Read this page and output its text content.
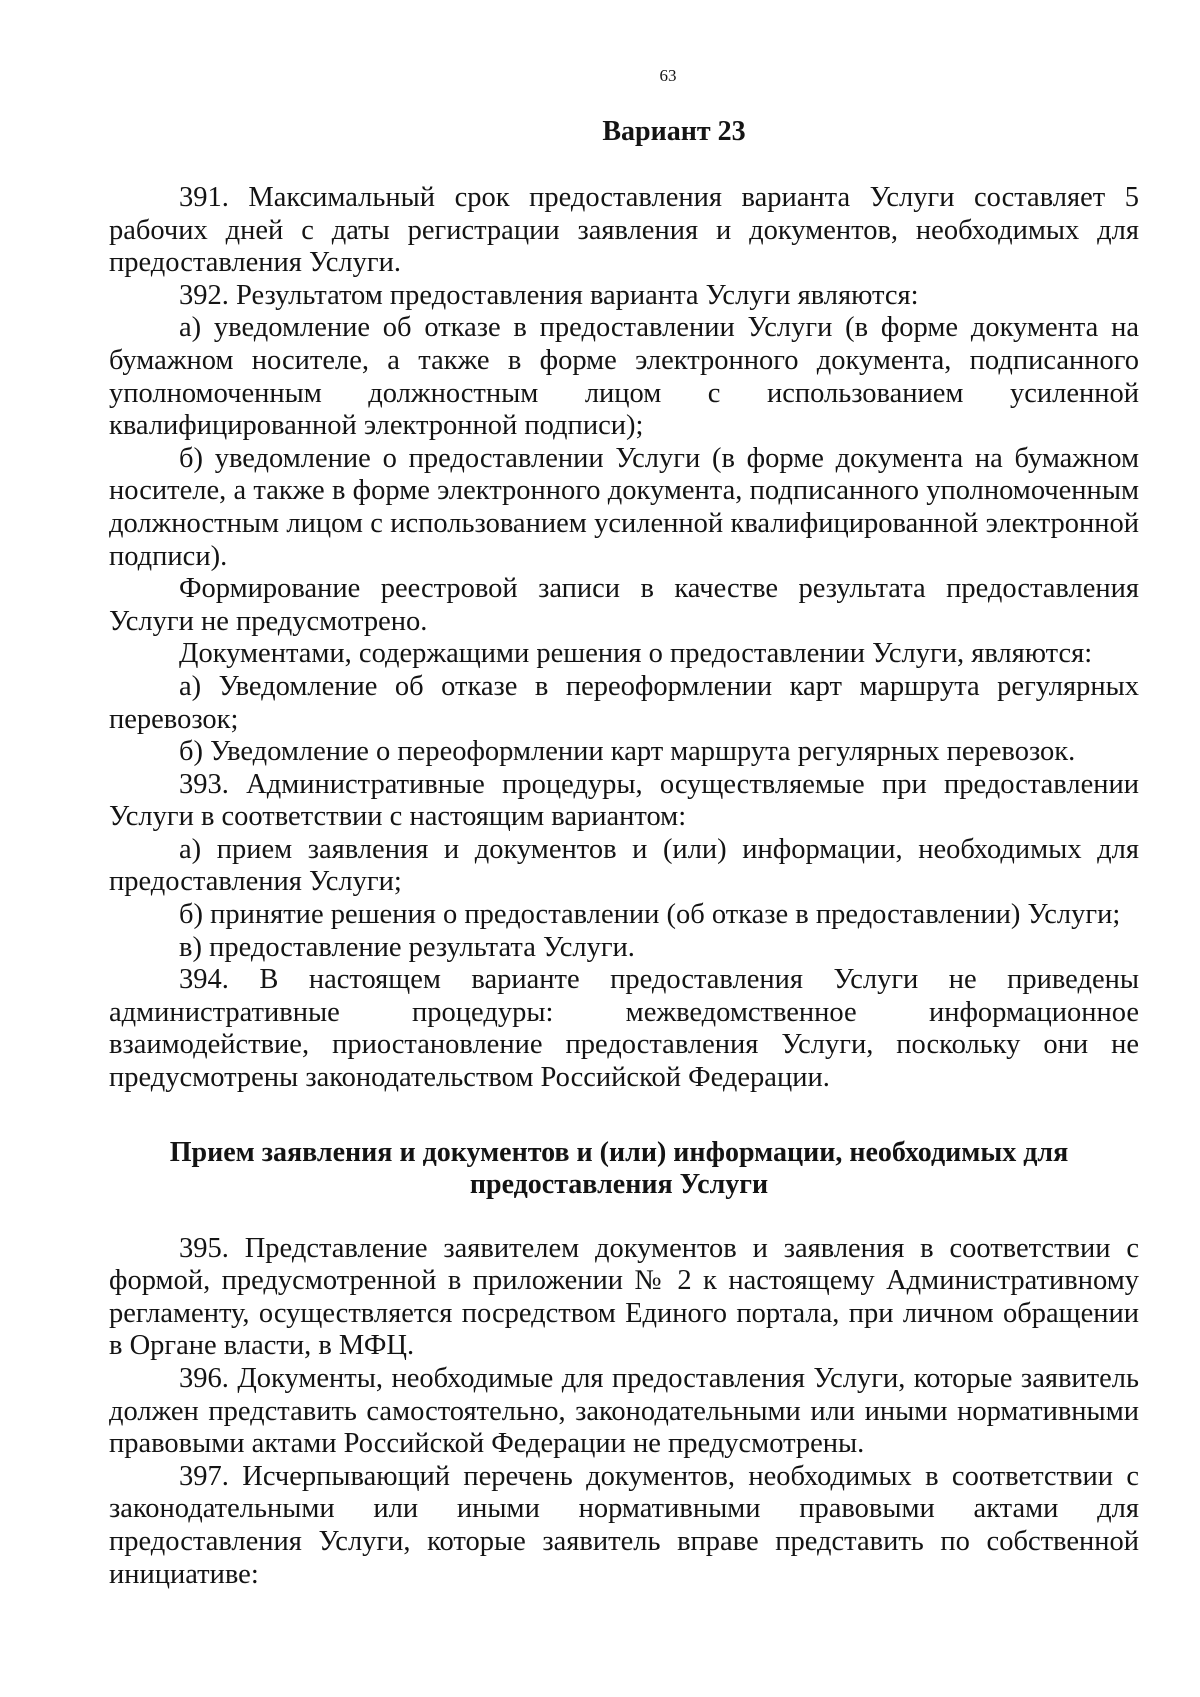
63
Вариант 23

391. Максимальный срок предоставления варианта Услуги составляет 5 рабочих дней с даты регистрации заявления и документов, необходимых для предоставления Услуги.

392. Результатом предоставления варианта Услуги являются:

а) уведомление об отказе в предоставлении Услуги (в форме документа на бумажном носителе, а также в форме электронного документа, подписанного уполномоченным должностным лицом с использованием усиленной квалифицированной электронной подписи);

б) уведомление о предоставлении Услуги (в форме документа на бумажном носителе, а также в форме электронного документа, подписанного уполномоченным должностным лицом с использованием усиленной квалифицированной электронной подписи).

Формирование реестровой записи в качестве результата предоставления Услуги не предусмотрено.

Документами, содержащими решения о предоставлении Услуги, являются:

а) Уведомление об отказе в переоформлении карт маршрута регулярных перевозок;

б) Уведомление о переоформлении карт маршрута регулярных перевозок.

393. Административные процедуры, осуществляемые при предоставлении Услуги в соответствии с настоящим вариантом:

а) прием заявления и документов и (или) информации, необходимых для предоставления Услуги;

б) принятие решения о предоставлении (об отказе в предоставлении) Услуги;

в) предоставление результата Услуги.

394. В настоящем варианте предоставления Услуги не приведены административные процедуры: межведомственное информационное взаимодействие, приостановление предоставления Услуги, поскольку они не предусмотрены законодательством Российской Федерации.

Прием заявления и документов и (или) информации, необходимых для предоставления Услуги

395. Представление заявителем документов и заявления в соответствии с формой, предусмотренной в приложении № 2 к настоящему Административному регламенту, осуществляется посредством Единого портала, при личном обращении в Органе власти, в МФЦ.

396. Документы, необходимые для предоставления Услуги, которые заявитель должен представить самостоятельно, законодательными или иными нормативными правовыми актами Российской Федерации не предусмотрены.

397. Исчерпывающий перечень документов, необходимых в соответствии с законодательными или иными нормативными правовыми актами для предоставления Услуги, которые заявитель вправе представить по собственной инициативе:
